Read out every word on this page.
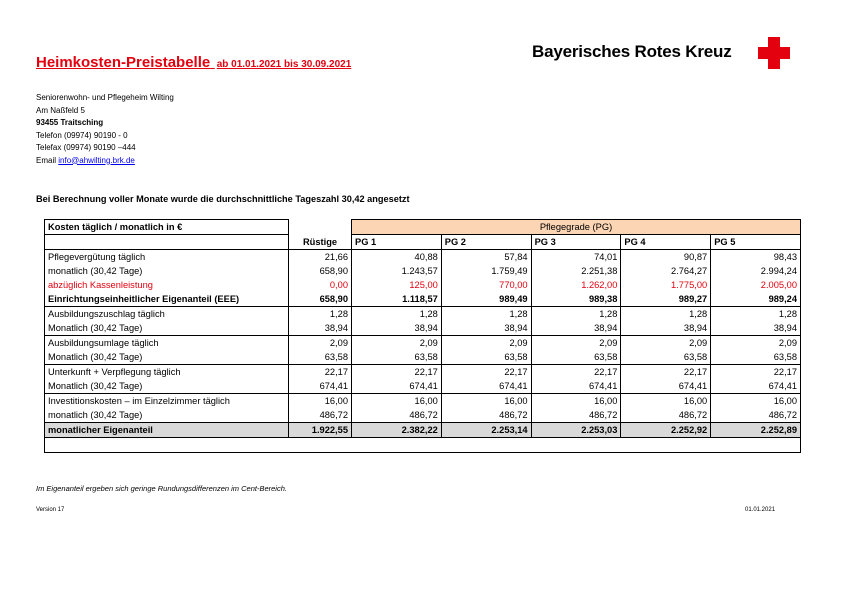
Heimkosten-Preistabelle ab 01.01.2021 bis 30.09.2021
Bayerisches Rotes Kreuz
Seniorenwohn- und Pflegeheim Wilting
Am Naßfeld 5
93455 Traitsching
Telefon (09974) 90190 - 0
Telefax (09974) 90190 –444
Email info@ahwilting.brk.de
Bei Berechnung voller Monate wurde die durchschnittliche Tageszahl 30,42 angesetzt
Kosten täglich / monatlich in €		Pflegegrade (PG)				
	Rüstige	PG 1	PG 2	PG 3	PG 4	PG 5
Pflegevergütung täglich	21,66	40,88	57,84	74,01	90,87	98,43
monatlich (30,42 Tage)	658,90	1.243,57	1.759,49	2.251,38	2.764,27	2.994,24
abzüglich Kassenleistung	0,00	125,00	770,00	1.262,00	1.775,00	2.005,00
Einrichtungseinheitlicher Eigenanteil (EEE)	658,90	1.118,57	989,49	989,38	989,27	989,24
Ausbildungszuschlag täglich	1,28	1,28	1,28	1,28	1,28	1,28
Monatlich (30,42 Tage)	38,94	38,94	38,94	38,94	38,94	38,94
Ausbildungsumlage täglich	2,09	2,09	2,09	2,09	2,09	2,09
Monatlich (30,42 Tage)	63,58	63,58	63,58	63,58	63,58	63,58
Unterkunft + Verpflegung täglich	22,17	22,17	22,17	22,17	22,17	22,17
Monatlich (30,42 Tage)	674,41	674,41	674,41	674,41	674,41	674,41
Investitionskosten – im Einzelzimmer täglich	16,00	16,00	16,00	16,00	16,00	16,00
monatlich (30,42 Tage)	486,72	486,72	486,72	486,72	486,72	486,72
monatlicher Eigenanteil	1.922,55	2.382,22	2.253,14	2.253,03	2.252,92	2.252,89

Im Eigenanteil ergeben sich geringe Rundungsdifferenzen im Cent-Bereich.
Version 17	01.01.2021
